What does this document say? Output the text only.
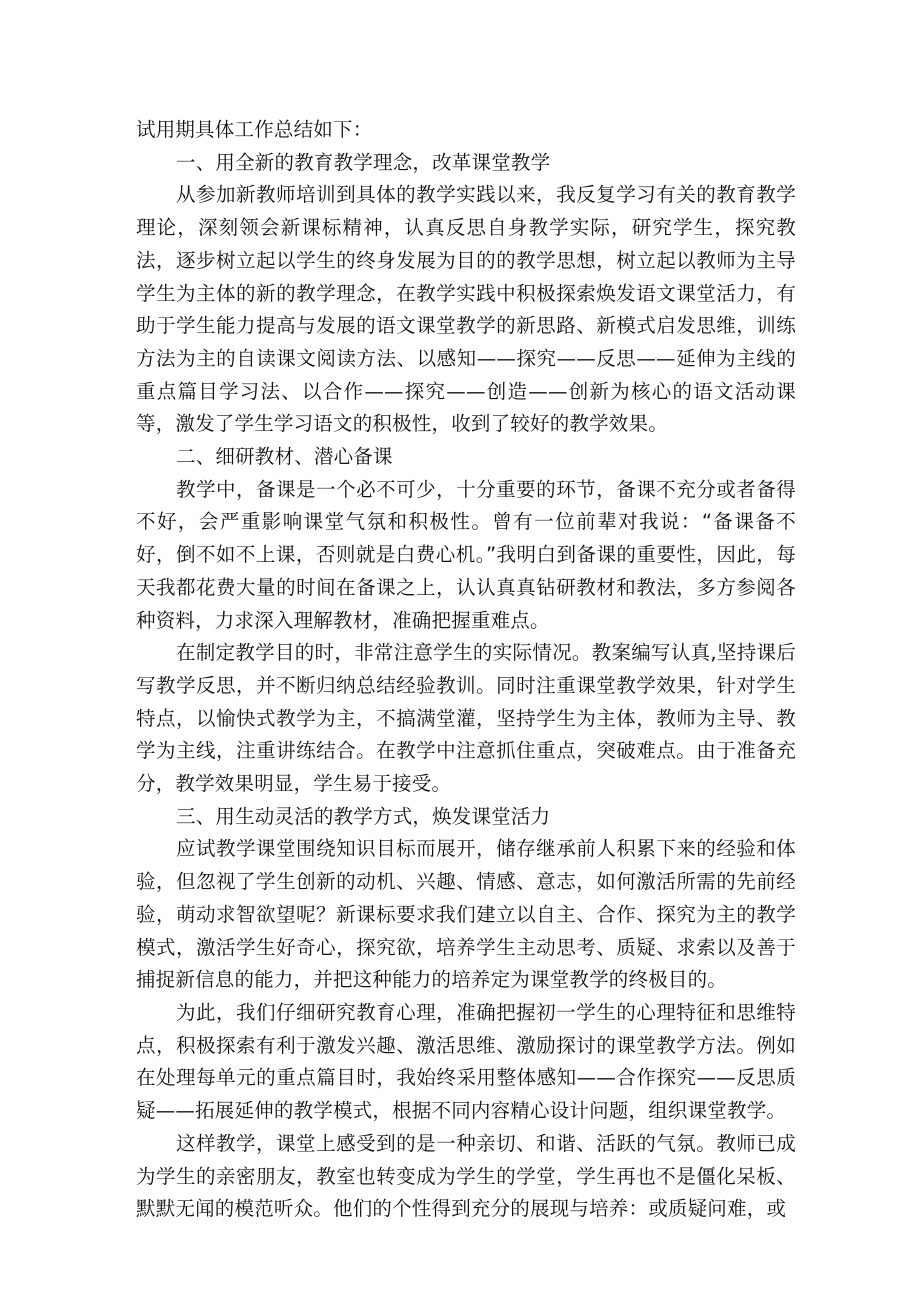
试用期具体工作总结如下：

一、用全新的教育教学理念，改革课堂教学

从参加新教师培训到具体的教学实践以来，我反复学习有关的教育教学理论，深刻领会新课标精神，认真反思自身教学实际，研究学生，探究教法，逐步树立起以学生的终身发展为目的的教学思想，树立起以教师为主导学生为主体的新的教学理念，在教学实践中积极探索焕发语文课堂活力，有助于学生能力提高与发展的语文课堂教学的新思路、新模式启发思维，训练方法为主的自读课文阅读方法、以感知——探究——反思——延伸为主线的重点篇目学习法、以合作——探究——创造——创新为核心的语文活动课等，激发了学生学习语文的积极性，收到了较好的教学效果。

二、细研教材、潜心备课

教学中，备课是一个必不可少，十分重要的环节，备课不充分或者备得不好，会严重影响课堂气氛和积极性。曾有一位前辈对我说：“备课备不好，倒不如不上课，否则就是白费心机。”我明白到备课的重要性，因此，每天我都花费大量的时间在备课之上，认认真真钻研教材和教法，多方参阅各种资料，力求深入理解教材，准确把握重难点。

在制定教学目的时，非常注意学生的实际情况。教案编写认真,坚持课后写教学反思，并不断归纳总结经验教训。同时注重课堂教学效果，针对学生特点，以愉快式教学为主，不搞满堂灌，坚持学生为主体，教师为主导、教学为主线，注重讲练结合。在教学中注意抓住重点，突破难点。由于准备充分，教学效果明显，学生易于接受。

三、用生动灵活的教学方式，焕发课堂活力

应试教学课堂围绕知识目标而展开，储存继承前人积累下来的经验和体验，但忽视了学生创新的动机、兴趣、情感、意志，如何激活所需的先前经验，萌动求智欲望呢？新课标要求我们建立以自主、合作、探究为主的教学模式，激活学生好奇心，探究欲，培养学生主动思考、质疑、求索以及善于捕捉新信息的能力，并把这种能力的培养定为课堂教学的终极目的。

为此，我们仔细研究教育心理，准确把握初一学生的心理特征和思维特点，积极探索有利于激发兴趣、激活思维、激励探讨的课堂教学方法。例如在处理每单元的重点篇目时，我始终采用整体感知——合作探究——反思质疑——拓展延伸的教学模式，根据不同内容精心设计问题，组织课堂教学。

这样教学，课堂上感受到的是一种亲切、和谐、活跃的气氛。教师已成为学生的亲密朋友，教室也转变成为学生的学堂，学生再也不是僵化呆板、默默无闻的模范听众。他们的个性得到充分的展现与培养：或质疑问难，或
